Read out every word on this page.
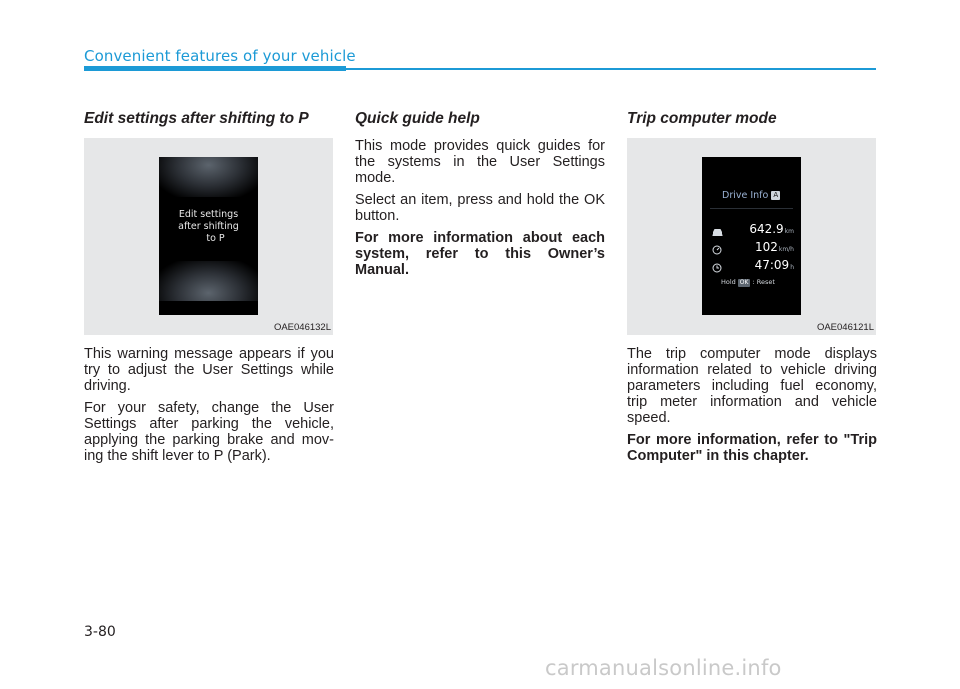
Convenient features of your vehicle
Edit settings after shifting to P
Edit settings
after shifting
to P
OAE046132L

This warning message appears if you try to adjust the User Settings while driving.

For your safety, change the User Settings after parking the vehicle, applying the parking brake and mov-ing the shift lever to P (Park).

Quick guide help

This mode provides quick guides for the systems in the User Settings mode.

Select an item, press and hold the OK button.

For more information about each system, refer to this Owner’s Manual.

Trip computer mode
Drive Info A
642.9km
102km/h
47:09h
Hold OK : Reset
OAE046121L

The trip computer mode displays information related to vehicle driving parameters including fuel economy, trip meter information and vehicle speed.

For more information, refer to "Trip Computer" in this chapter.

3-80
carmanualsonline.info
